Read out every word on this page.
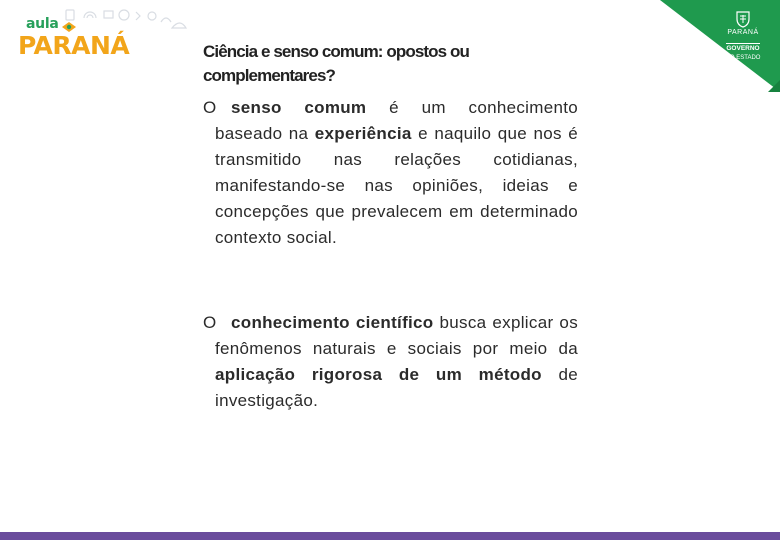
aula
PARANÁ	PARANÁ
GOVERNO
DO ESTADO
Ciência e senso comum: opostos ou complementares?
O senso comum é um conhecimento baseado na experiência e naquilo que nos é transmitido nas relações cotidianas, manifestando-se nas opiniões, ideias e concepções que prevalecem em determinado contexto social.
O conhecimento científico busca explicar os fenômenos naturais e sociais por meio da aplicação rigorosa de um método de investigação.
